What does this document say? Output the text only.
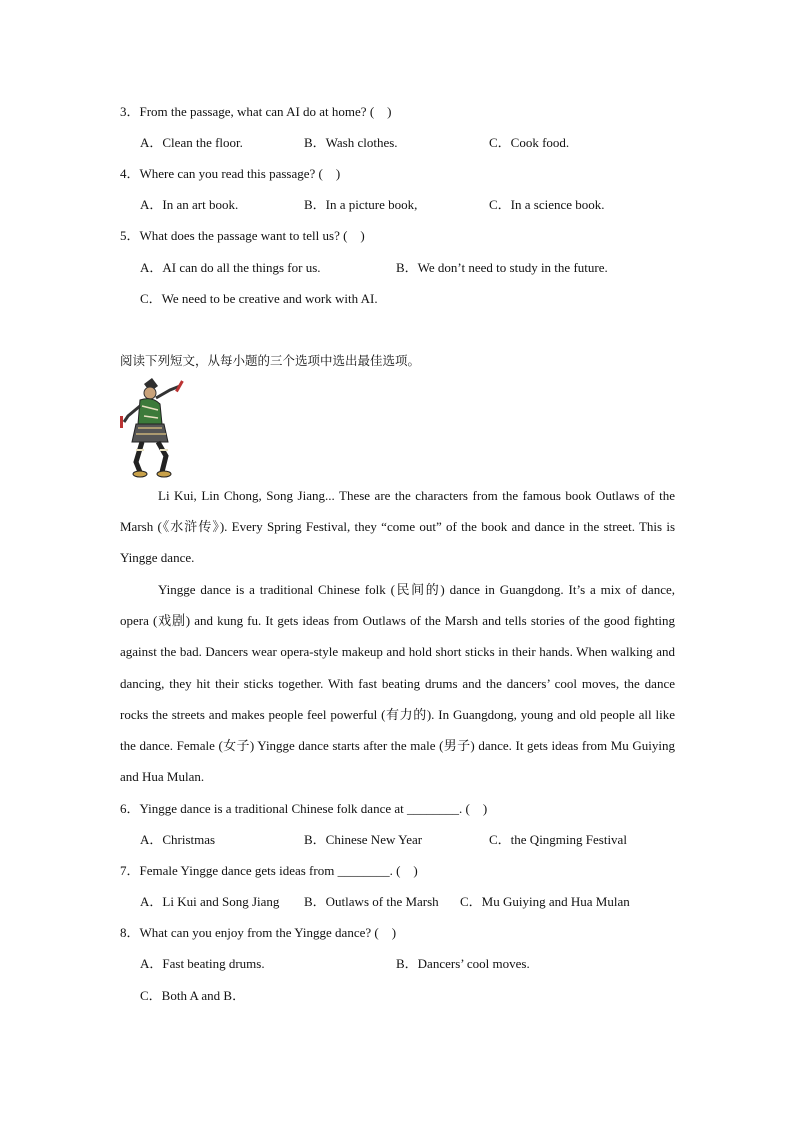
3．From the passage, what can AI do at home? (　)
A．Clean the floor.	B．Wash clothes.	C．Cook food.
4．Where can you read this passage? (　)
A．In an art book.	B．In a picture book,	C．In a science book.
5．What does the passage want to tell us? (　)
A．AI can do all the things for us.	B．We don’t need to study in the future.
C．We need to be creative and work with AI.
阅读下列短文，从每小题的三个选项中选出最佳选项。
Li Kui, Lin Chong, Song Jiang... These are the characters from the famous book Outlaws of the Marsh (《水浒传》). Every Spring Festival, they “come out” of the book and dance in the street. This is Yingge dance.
Yingge dance is a traditional Chinese folk (民间的) dance in Guangdong. It’s a mix of dance, opera (戏剧) and kung fu. It gets ideas from Outlaws of the Marsh and tells stories of the good fighting against the bad. Dancers wear opera-style makeup and hold short sticks in their hands. When walking and dancing, they hit their sticks together. With fast beating drums and the dancers’ cool moves, the dance rocks the streets and makes people feel powerful (有力的). In Guangdong, young and old people all like the dance. Female (女子) Yingge dance starts after the male (男子) dance. It gets ideas from Mu Guiying and Hua Mulan.
6．Yingge dance is a traditional Chinese folk dance at ________. (　)
A．Christmas	B．Chinese New Year	C．the Qingming Festival
7．Female Yingge dance gets ideas from ________. (　)
A．Li Kui and Song Jiang B．Outlaws of the Marsh C．Mu Guiying and Hua Mulan
8．What can you enjoy from the Yingge dance? (　)
A．Fast beating drums.	B．Dancers’ cool moves.
C．Both A and B．
